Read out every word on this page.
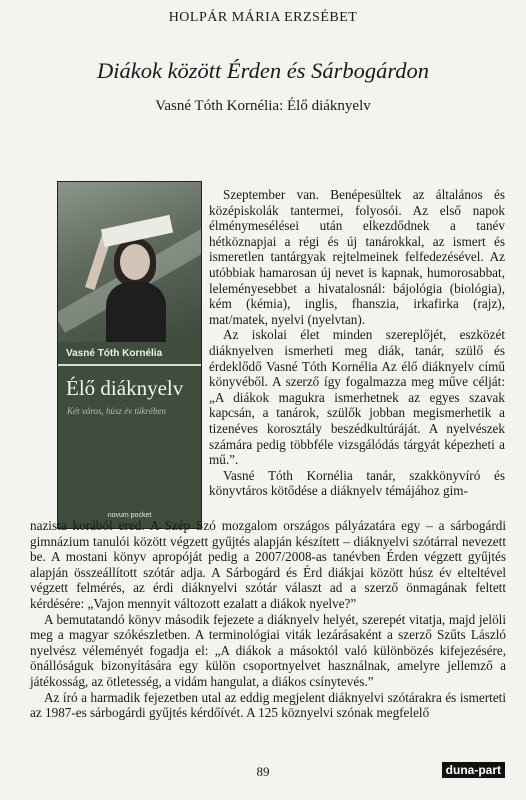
HOLPÁR MÁRIA ERZSÉBET
Diákok között Érden és Sárbogárdon
Vasné Tóth Kornélia: Élő diáknyelv
Vasné Tóth Kornélia
Élő diáknyelv
Két város, húsz év tükrében
novum pocket

Szeptember van. Benépesültek az általános és középiskolák tantermei, folyosói. Az első napok élménymesélései után elkezdődnek a tanév hétköznapjai a régi és új tanárokkal, az ismert és ismeretlen tantárgyak rejtelmeinek felfedezésével. Az utóbbiak hamarosan új nevet is kapnak, humorosabbat, leleményesebbet a hivatalosnál: bájológia (biológia), kém (kémia), inglis, fhanszia, irkafirka (rajz), mat/matek, nyelvi (nyelvtan).

Az iskolai élet minden szereplőjét, eszközét diáknyelven ismerheti meg diák, tanár, szülő és érdeklődő Vasné Tóth Kornélia Az élő diáknyelv című könyvéből. A szerző így fogalmazza meg műve célját: „A diákok magukra ismerhetnek az egyes szavak kapcsán, a tanárok, szülők jobban megismerhetik a tizenéves korosztály beszédkultúráját. A nyelvészek számára pedig többféle vizsgálódás tárgyát képezheti a mű.”.

Vasné Tóth Kornélia tanár, szakkönyvíró és könyvtáros kötődése a diáknyelv témájához gim-

nazista korából ered. A Szép Szó mozgalom országos pályázatára egy – a sárbogárdi gimnázium tanulói között végzett gyűjtés alapján készített – diáknyelvi szótárral nevezett be. A mostani könyv apropóját pedig a 2007/2008-as tanévben Érden végzett gyűjtés alapján összeállított szótár adja. A Sárbogárd és Érd diákjai között húsz év elteltével végzett felmérés, az érdi diáknyelvi szótár választ ad a szerző önmagának feltett kérdésére: „Vajon mennyit változott ezalatt a diákok nyelve?”

A bemutatandó könyv második fejezete a diáknyelv helyét, szerepét vitatja, majd jelöli meg a magyar szókészletben. A terminológiai viták lezárásaként a szerző Szűts László nyelvész véleményét fogadja el: „A diákok a másoktól való különbözés kifejezésére, önállóságuk bizonyítására egy külön csoportnyelvet használnak, amelyre jellemző a játékosság, az ötletesség, a vidám hangulat, a diákos csínytevés.”

Az író a harmadik fejezetben utal az eddig megjelent diáknyelvi szótárakra és ismerteti az 1987-es sárbogárdi gyűjtés kérdőívét. A 125 köznyelvi szónak megfelelő

89	duna-part
